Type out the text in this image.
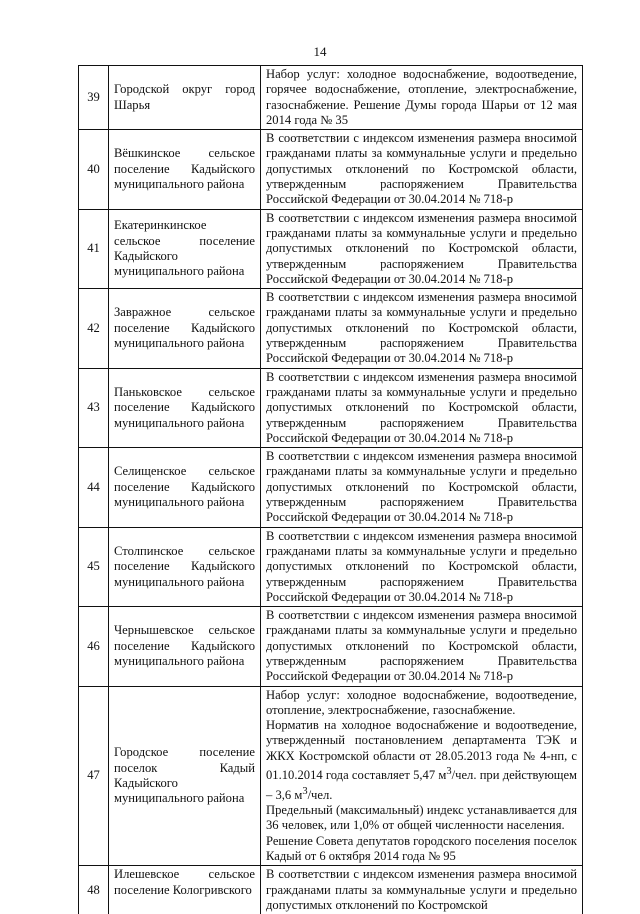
14
39	Городской округ город Шарья	Набор услуг: холодное водоснабжение, водоотведение, горячее водоснабжение, отопление, электроснабжение, газоснабжение. Решение Думы города Шарьи от 12 мая 2014 года № 35
40	Вёшкинское сельское поселение Кадыйского муниципального района	В соответствии с индексом изменения размера вносимой гражданами платы за коммунальные услуги и предельно допустимых отклонений по Костромской области, утвержденным распоряжением Правительства Российской Федерации от 30.04.2014 № 718-р
41	Екатеринкинское сельское поселение Кадыйского муниципального района	В соответствии с индексом изменения размера вносимой гражданами платы за коммунальные услуги и предельно допустимых отклонений по Костромской области, утвержденным распоряжением Правительства Российской Федерации от 30.04.2014 № 718-р
42	Завражное сельское поселение Кадыйского муниципального района	В соответствии с индексом изменения размера вносимой гражданами платы за коммунальные услуги и предельно допустимых отклонений по Костромской области, утвержденным распоряжением Правительства Российской Федерации от 30.04.2014 № 718-р
43	Паньковское сельское поселение Кадыйского муниципального района	В соответствии с индексом изменения размера вносимой гражданами платы за коммунальные услуги и предельно допустимых отклонений по Костромской области, утвержденным распоряжением Правительства Российской Федерации от 30.04.2014 № 718-р
44	Селищенское сельское поселение Кадыйского муниципального района	В соответствии с индексом изменения размера вносимой гражданами платы за коммунальные услуги и предельно допустимых отклонений по Костромской области, утвержденным распоряжением Правительства Российской Федерации от 30.04.2014 № 718-р
45	Столпинское сельское поселение Кадыйского муниципального района	В соответствии с индексом изменения размера вносимой гражданами платы за коммунальные услуги и предельно допустимых отклонений по Костромской области, утвержденным распоряжением Правительства Российской Федерации от 30.04.2014 № 718-р
46	Чернышевское сельское поселение Кадыйского муниципального района	В соответствии с индексом изменения размера вносимой гражданами платы за коммунальные услуги и предельно допустимых отклонений по Костромской области, утвержденным распоряжением Правительства Российской Федерации от 30.04.2014 № 718-р
47	Городское поселение поселок Кадый Кадыйского муниципального района	Набор услуг: холодное водоснабжение, водоотведение, отопление, электроснабжение, газоснабжение.

Норматив на холодное водоснабжение и водоотведение, утвержденный постановлением департамента ТЭК и ЖКХ Костромской области от 28.05.2013 года № 4-нп, с 01.10.2014 года составляет 5,47 $м^3$/чел. при действующем – 3,6 $м^3$/чел.

Предельный (максимальный) индекс устанавливается для 36 человек, или 1,0% от общей численности населения.

Решение Совета депутатов городского поселения поселок Кадый от 6 октября 2014 года № 95

48	Илешевское сельское поселение Кологривского	В соответствии с индексом изменения размера вносимой гражданами платы за коммунальные услуги и предельно допустимых отклонений по Костромской
